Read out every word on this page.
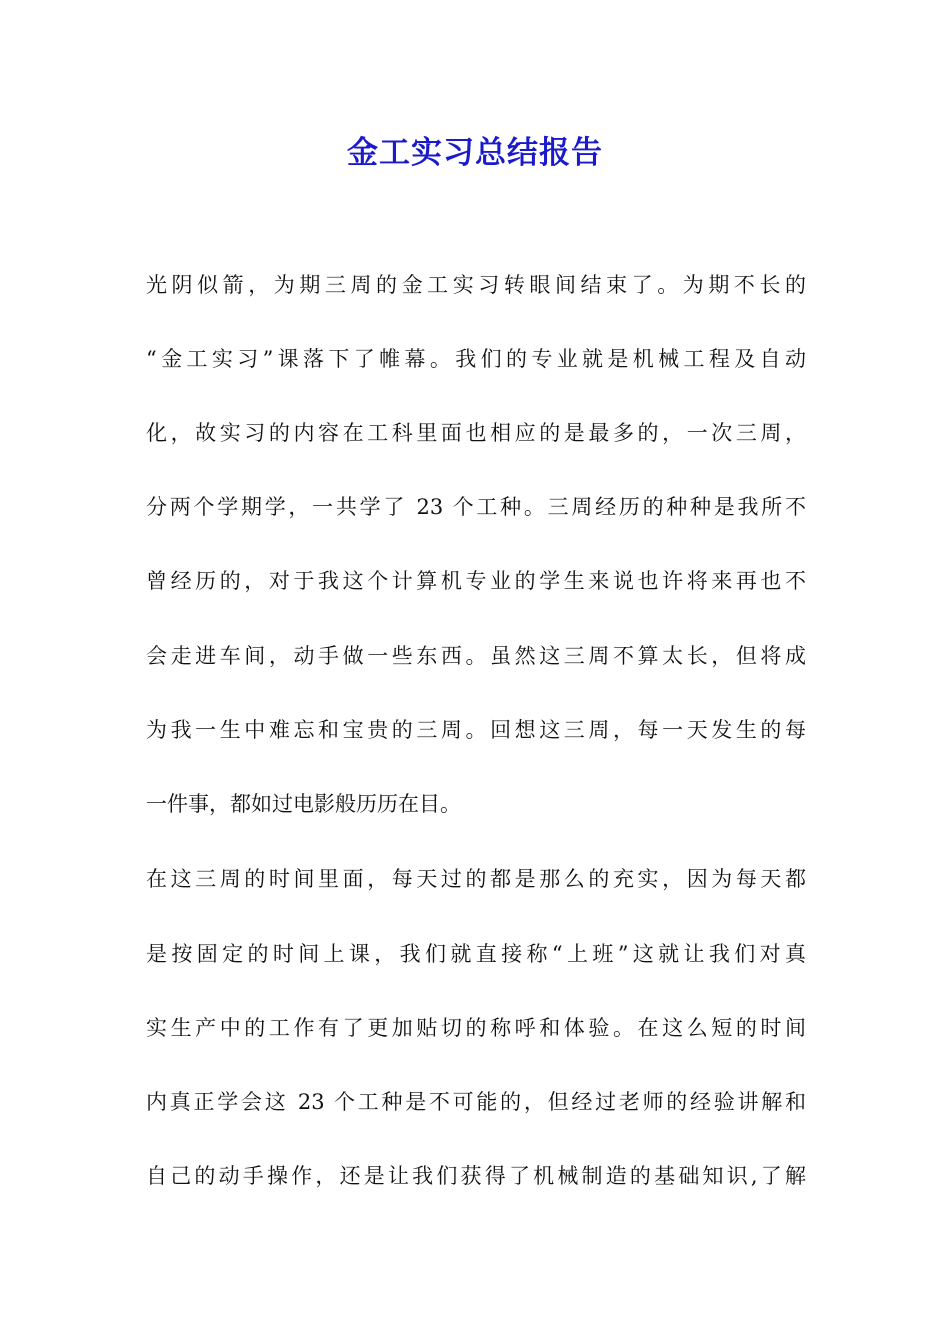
金工实习总结报告
光阴似箭，为期三周的金工实习转眼间结束了。为期不长的
“金工实习”课落下了帷幕。我们的专业就是机械工程及自动
化，故实习的内容在工科里面也相应的是最多的，一次三周，
分两个学期学，一共学了 23 个工种。三周经历的种种是我所不
曾经历的，对于我这个计算机专业的学生来说也许将来再也不
会走进车间，动手做一些东西。虽然这三周不算太长，但将成
为我一生中难忘和宝贵的三周。回想这三周，每一天发生的每
一件事，都如过电影般历历在目。
在这三周的时间里面，每天过的都是那么的充实，因为每天都
是按固定的时间上课，我们就直接称“上班”这就让我们对真
实生产中的工作有了更加贴切的称呼和体验。在这么短的时间
内真正学会这 23 个工种是不可能的，但经过老师的经验讲解和
自己的动手操作，还是让我们获得了机械制造的基础知识,了解
